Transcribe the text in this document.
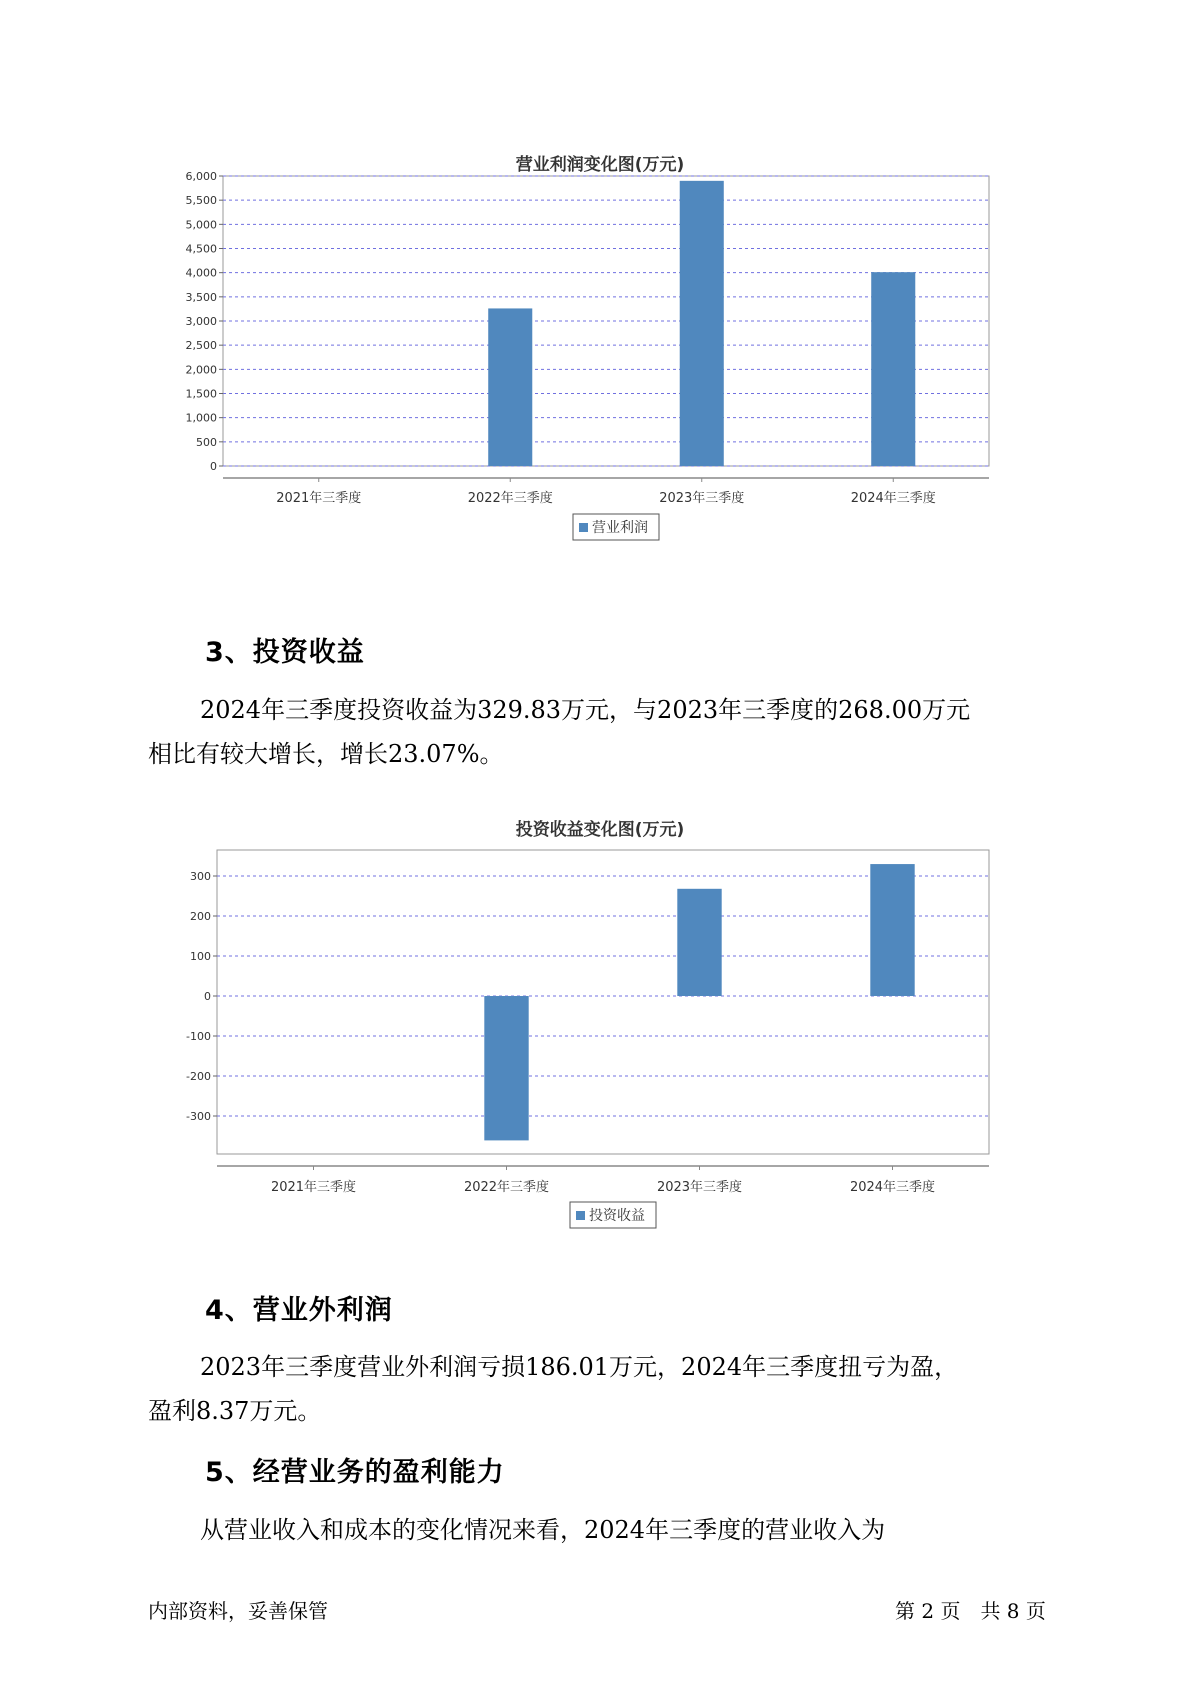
营业利润变化图(万元)
0
500
1,000
1,500
2,000
2,500
3,000
3,500
4,000
4,500
5,000
5,500
6,000
2021年三季度	2022年三季度	2023年三季度	2024年三季度
营业利润
3、投资收益
2024年三季度投资收益为329.83万元，与2023年三季度的268.00万元
相比有较大增长，增长23.07%。
投资收益变化图(万元)
-300
-200
-100
0
100
200
300
2021年三季度	2022年三季度	2023年三季度	2024年三季度
投资收益
4、营业外利润
2023年三季度营业外利润亏损186.01万元，2024年三季度扭亏为盈，
盈利8.37万元。
5、经营业务的盈利能力
从营业收入和成本的变化情况来看，2024年三季度的营业收入为
内部资料，妥善保管	第 2 页　共 8 页
